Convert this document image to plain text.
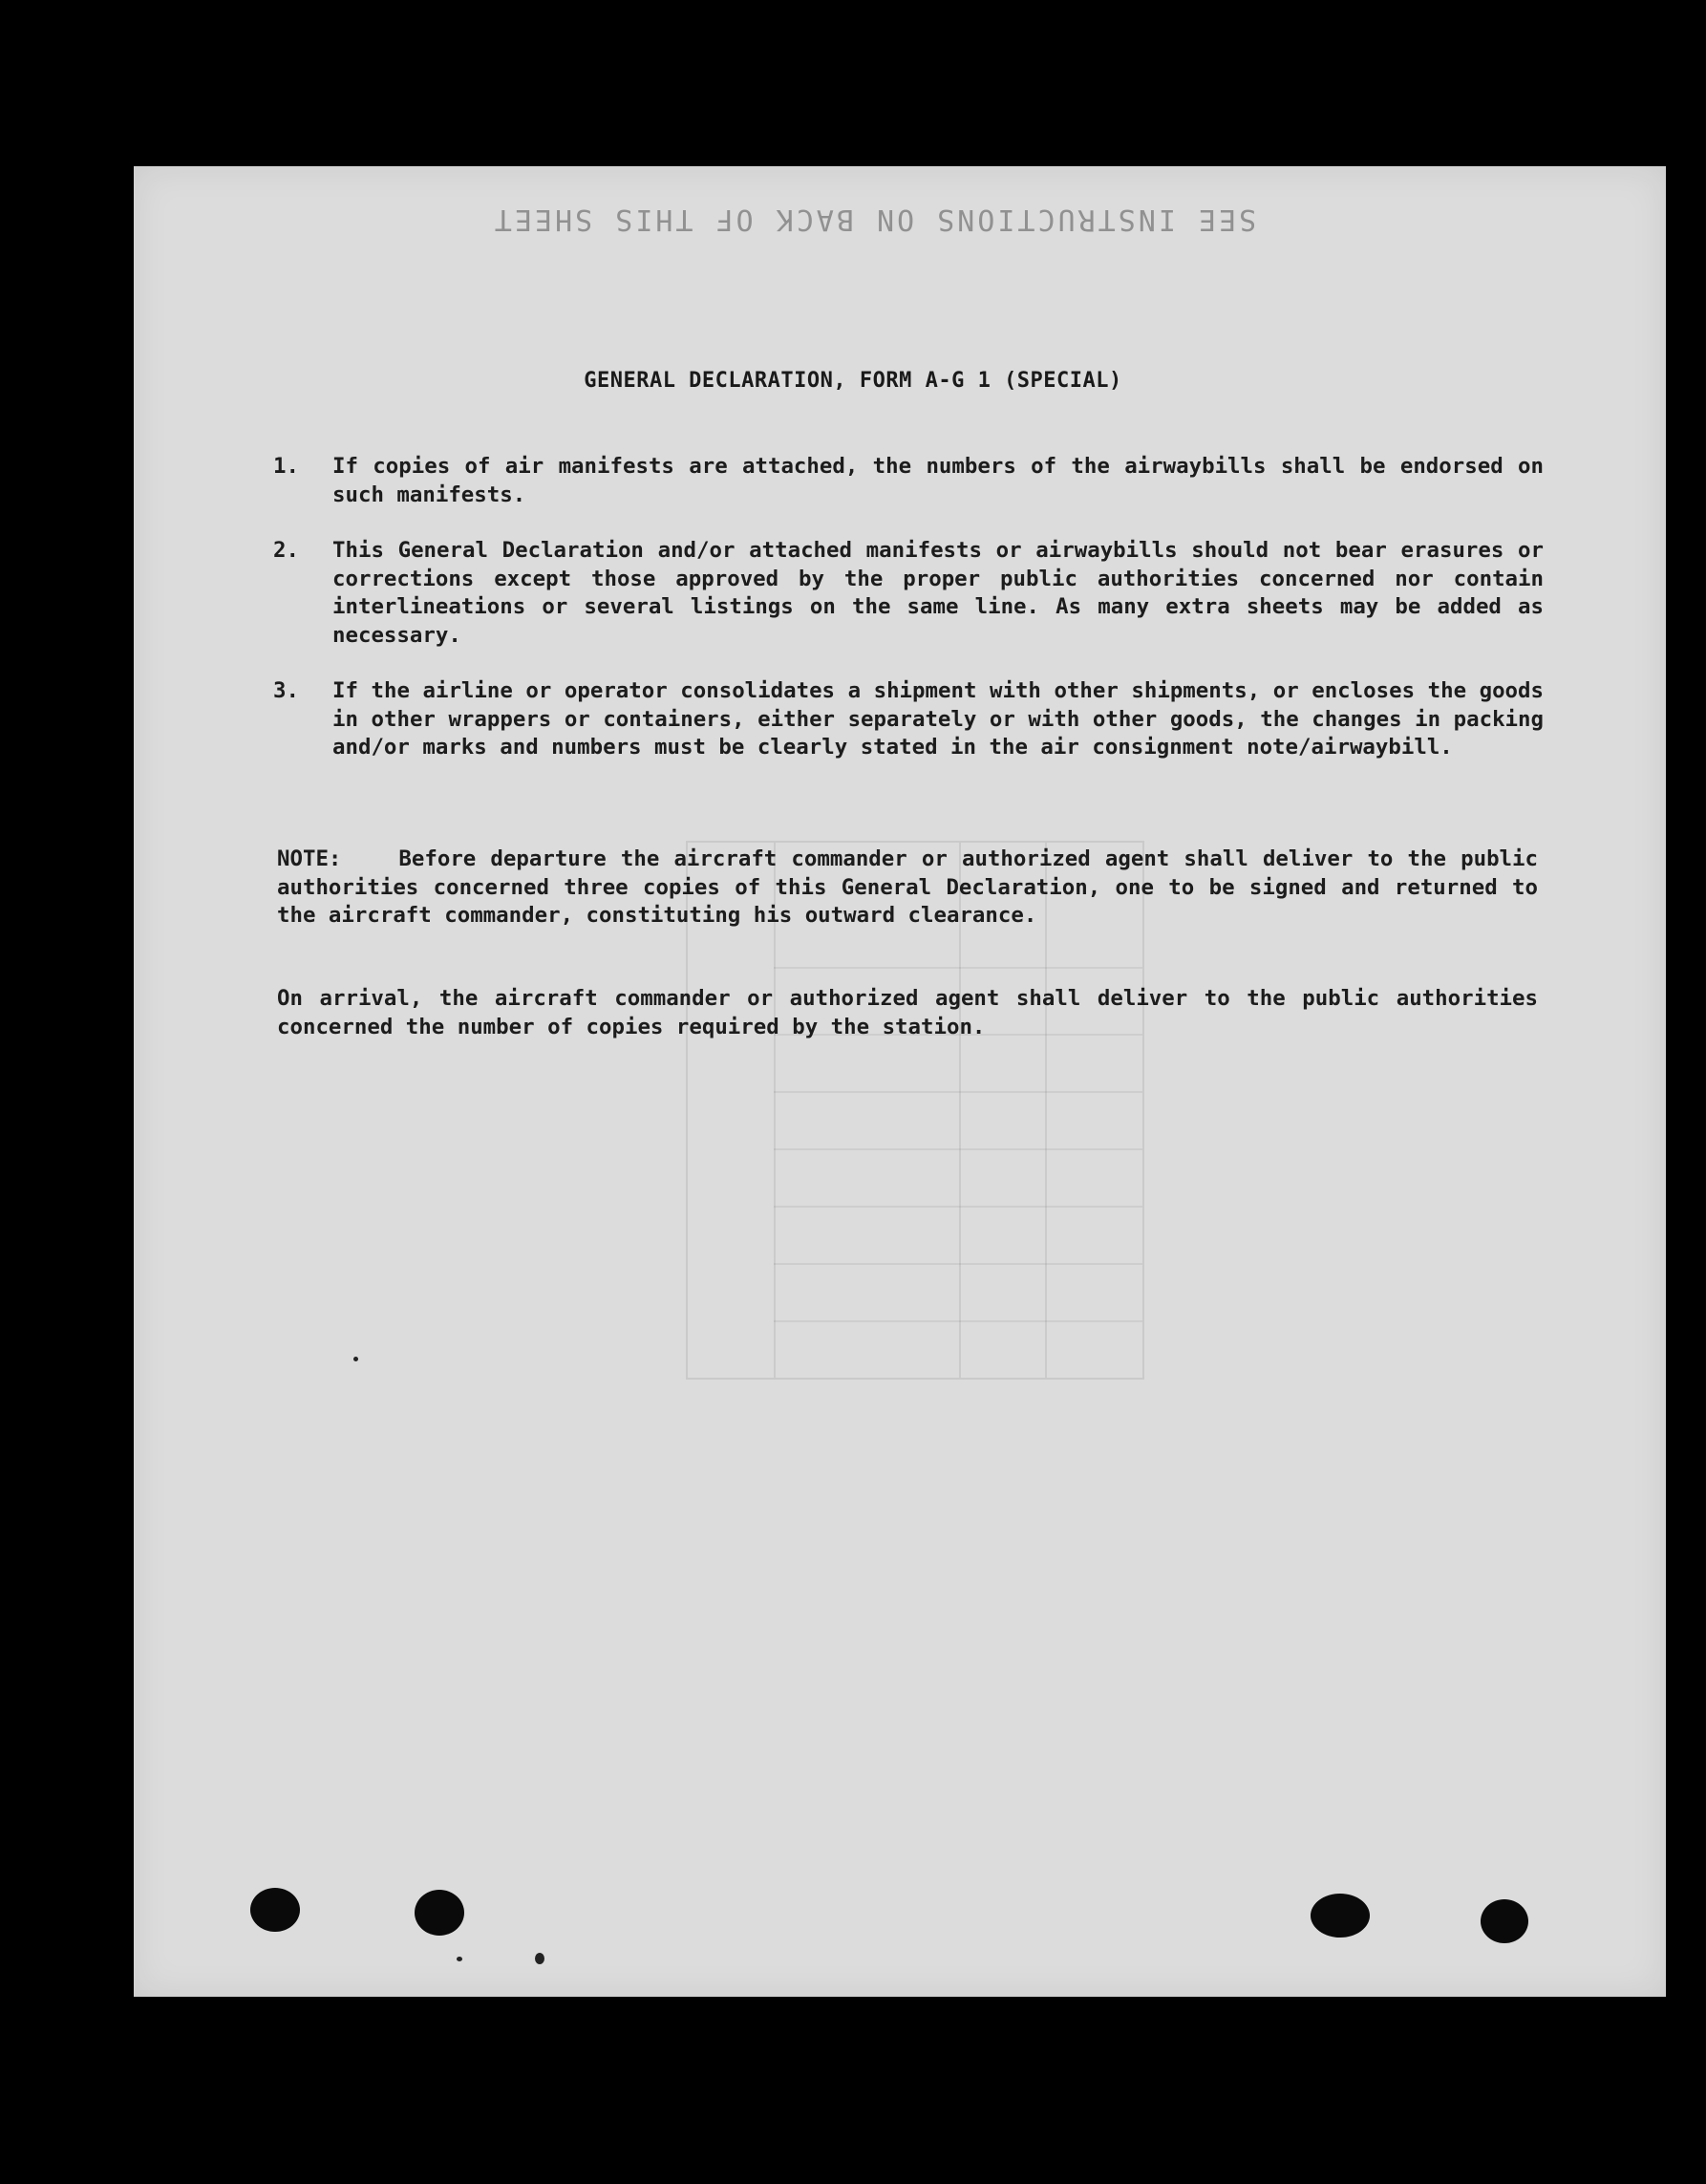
SEE INSTRUCTIONS ON BACK OF THIS SHEET
GENERAL DECLARATION, FORM A-G 1 (SPECIAL)
1.	If copies of air manifests are attached, the numbers of the airwaybills shall be endorsed on such manifests.
2.	This General Declaration and/or attached manifests or airwaybills should not bear erasures or corrections except those approved by the proper public authorities concerned nor contain interlineations or several listings on the same line. As many extra sheets may be added as necessary.
3.	If the airline or operator consolidates a shipment with other shipments, or encloses the goods in other wrappers or containers, either separately or with other goods, the changes in packing and/or marks and numbers must be clearly stated in the air consignment note/airwaybill.
NOTE:	Before departure the aircraft commander or authorized agent shall deliver to the public authorities concerned three copies of this General Declaration, one to be signed and returned to the aircraft commander, constituting his outward clearance.
On arrival, the aircraft commander or authorized agent shall deliver to the public authorities concerned the number of copies required by the station.
